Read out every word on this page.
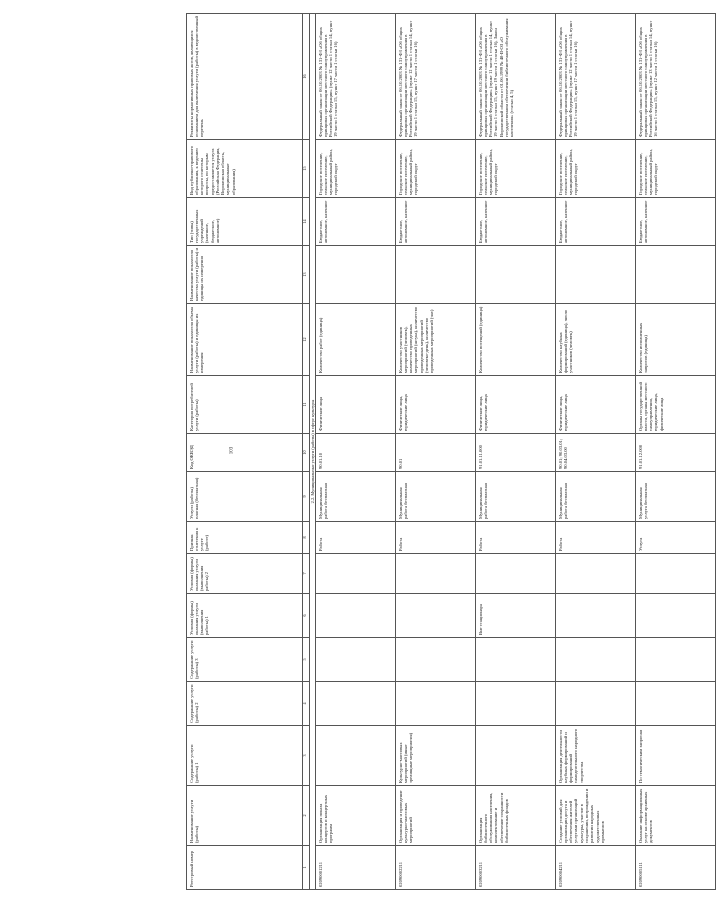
103
Реестровый номер	Наименование услуги (работы)	Содержание услуги (работы) 1	Содержание услуги (работы) 2	Содержание услуги (работы) 3	Условия (формы) оказания услуги (выполнения работы) 1	Условия (формы) оказания услуги (выполнения работы) 2	Признак отнесения к услуге (работе)	Услуги (работы) платная (бесплатная)	Код ОКВЭД	Категория потребителей услуги (работы)	Наименование показателя объема услуги (работы) и единицы их измерения	Наименование показателя качества услуги (работы) и единицы их измерения	Тип (типы) государственных учреждений (казенное, бюджетное, автономное)	Вид публично-правового образования, к ведению которого отнесены вопросы, по которым предоставляется услуга (Российская Федерация, Воронежская область, муниципальные образования)	Реквизиты нормативных правовых актов, являющихся основанием для включения услуги (работы) в ведомственный перечень
1	2	3	4	5	6	7	8	9	10	11	12	13	14	15	16
2.2. Муниципальные услуги (работы) в сфере культуры															
02090001211	Организация показа концертов и концертных программ						Работа	Муниципальная работа бесплатная	90.01.10	Физические лица	Количество работ (единица)		Бюджетное, автономное, казенное	Городское поселение, сельское поселение, муниципальный район, городской округ	Федеральный закон от 06.10.2003 № 131-ФЗ «Об общих принципах организации местного самоуправления в Российской Федерации» (пункт 12 части 1 статьи 14, пункт 19 части 1 статьи 15, пункт 17 части 1 статьи 16)
02090002211	Организация и проведение культурно-массовых мероприятий	Культурно-массовых мероприятий (иные зрелищные мероприятия)					Работа	Муниципальная работа бесплатная	90.01	Физические лица, юридические лица	Количество участников мероприятий (человек), количество проведенных мероприятий (штука), количество проведенных мероприятий (человеко-день), количество проведенных мероприятий (час)		Бюджетное, автономное, казенное	Городское поселение, сельское поселение, муниципальный район, городской округ	Федеральный закон от 06.10.2003 № 131-ФЗ «Об общих принципах организации местного самоуправления в Российской Федерации» (пункт 12 части 1 статьи 14, пункт 19 части 1 статьи 15, пункт 17 части 1 статьи 16)
02090003211	Организация библиотечного обслуживания населения, комплектование и обеспечение сохранности библиотечных фондов				Вне стационара		Работа	Муниципальная работа бесплатная	91.01.11.000	Физические лица, юридические лица	Количество посещений (единица)		Бюджетное, автономное, казенное	Городское поселение, сельское поселение, муниципальный район, городской округ	Федеральный закон от 06.10.2003 № 131-ФЗ «Об общих принципах организации местного самоуправления в Российской Федерации» (пункт 11 части 1 статьи 14, пункт 19 части 1 статьи 15, пункт 19 части 1 статьи 16), Закон Воронежской области от 01.06.1999 № 48-II-ОЗ «О государственном обеспечении библиотечного обслуживания населения» (статьи 4, 5)
02090004211	Создание условий для организации досуга и обеспечения жителей услугами организаций культуры, участие в сохранении, возрождении и развитии народных художественных промыслов	Организация деятельности клубных формирований и формирований самодеятельного народного творчества					Работа	Муниципальная работа бесплатная	90.01; 90.03.01; 90.04.03.00	Физические лица, юридические лица	Количество клубных формирований (единица), число участников (человек)		Бюджетное, автономное, казенное	Городское поселение, сельское поселение, муниципальный район, городской округ	Федеральный закон от 06.10.2003 № 131-ФЗ «Об общих принципах организации местного самоуправления в Российской Федерации» (пункт 12 части 1 статьи 14, пункт 19 части 1 статьи 15, пункт 17 части 1 статьи 16)
02090005111	Оказание информационных услуг на основе архивных документов	По тематическим запросам					Услуга	Муниципальная услуга бесплатная	91.01.12.000	Органы государственной власти, органы местного самоуправления, юридические лица, физические лица	Количество исполненных запросов (единица)		Бюджетное, автономное, казенное	Городское поселение, сельское поселение, муниципальный район, городской округ	Федеральный закон от 06.10.2003 № 131-ФЗ «Об общих принципах организации местного самоуправления в Российской Федерации» (пункт 13 части 1 статьи 14, пункт 16 части 1 статьи 15, пункт 12 части 1 статьи 16)
